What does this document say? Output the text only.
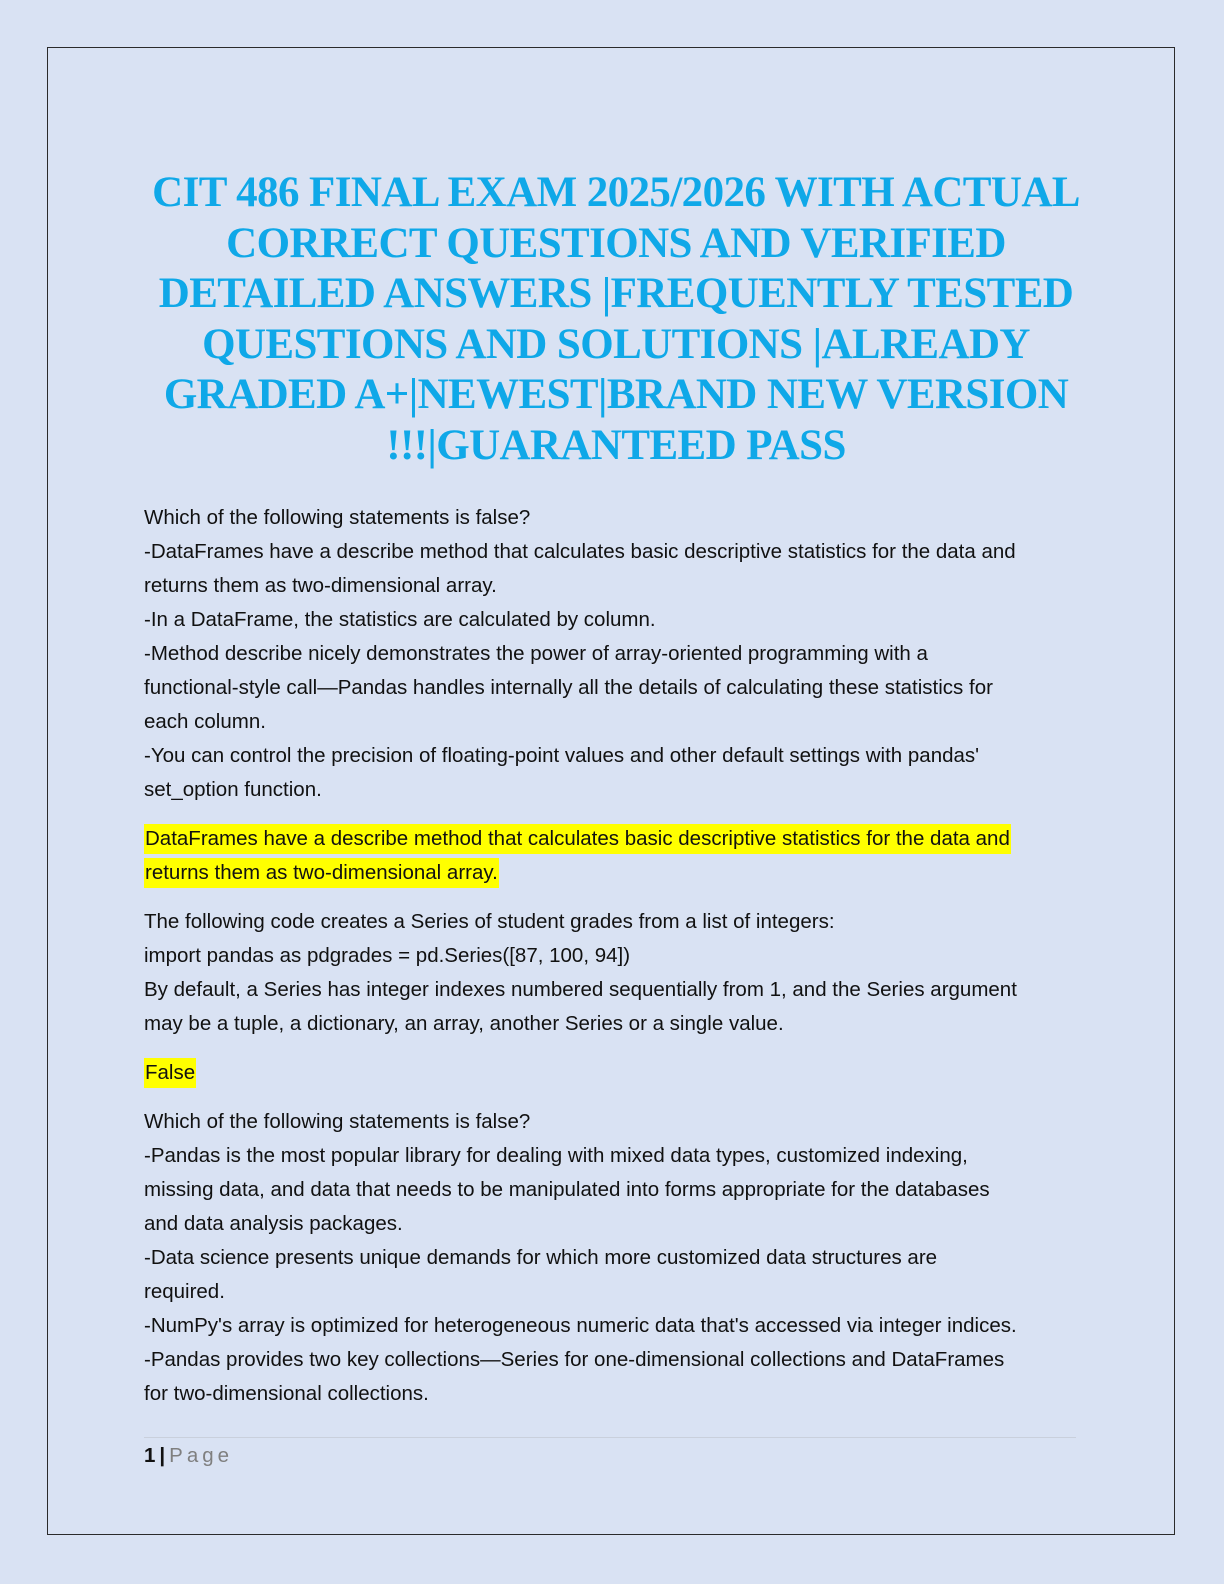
CIT 486 FINAL EXAM 2025/2026 WITH ACTUAL CORRECT QUESTIONS AND VERIFIED DETAILED ANSWERS |FREQUENTLY TESTED QUESTIONS AND SOLUTIONS |ALREADY GRADED A+|NEWEST|BRAND NEW VERSION !!!|GUARANTEED PASS
Which of the following statements is false?
-DataFrames have a describe method that calculates basic descriptive statistics for the data and
returns them as two-dimensional array.
-In a DataFrame, the statistics are calculated by column.
-Method describe nicely demonstrates the power of array-oriented programming with a
functional-style call—Pandas handles internally all the details of calculating these statistics for
each column.
-You can control the precision of floating-point values and other default settings with pandas'
set_option function.
DataFrames have a describe method that calculates basic descriptive statistics for the data and
returns them as two-dimensional array.
The following code creates a Series of student grades from a list of integers:
import pandas as pdgrades = pd.Series([87, 100, 94])
By default, a Series has integer indexes numbered sequentially from 1, and the Series argument
may be a tuple, a dictionary, an array, another Series or a single value.
False
Which of the following statements is false?
-Pandas is the most popular library for dealing with mixed data types, customized indexing,
missing data, and data that needs to be manipulated into forms appropriate for the databases
and data analysis packages.
-Data science presents unique demands for which more customized data structures are
required.
-NumPy's array is optimized for heterogeneous numeric data that's accessed via integer indices.
-Pandas provides two key collections—Series for one-dimensional collections and DataFrames
for two-dimensional collections.
1 | Page
